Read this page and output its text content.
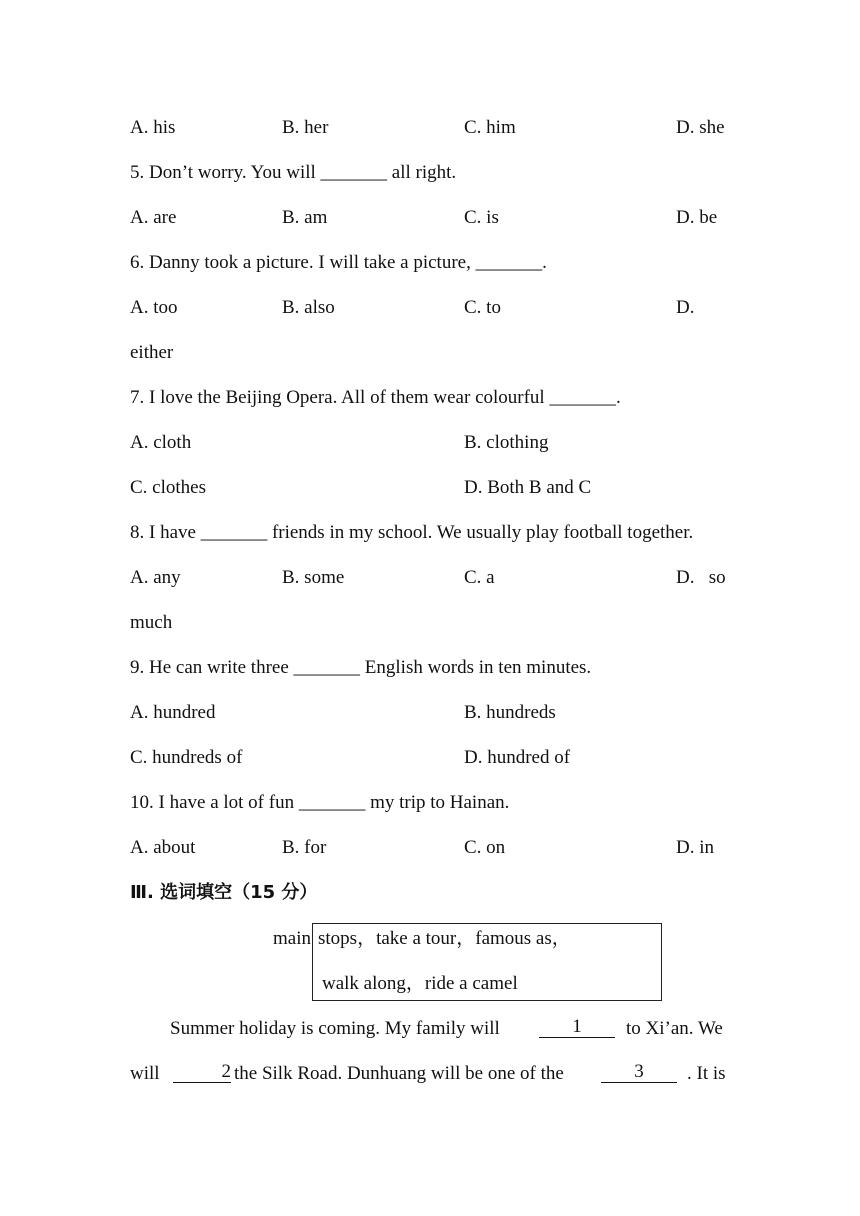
A. his	B. her	C. him	D. she
5. Don’t worry. You will _______ all right.
A. are	B. am	C. is	D. be
6. Danny took a picture. I will take a picture, _______.
A. too	B. also	C. to	D.
either
7. I love the Beijing Opera. All of them wear colourful _______.
A. cloth	B. clothing
C. clothes	D. Both B and C
8. I have _______ friends in my school. We usually play football together.
A. any	B. some	C. a	D.   so
much
9. He can write three _______ English words in ten minutes.
A. hundred	B. hundreds
C. hundreds of	D. hundred of
10. I have a lot of fun _______ my trip to Hainan.
A. about	B. for	C. on	D. in
Ⅲ. 选词填空（15 分）
main stops，take a tour，famous as，
walk along，ride a camel
Summer holiday is coming. My family will	1	to Xi’an. We
will	2 the Silk Road. Dunhuang will be one of the	3	. It is
